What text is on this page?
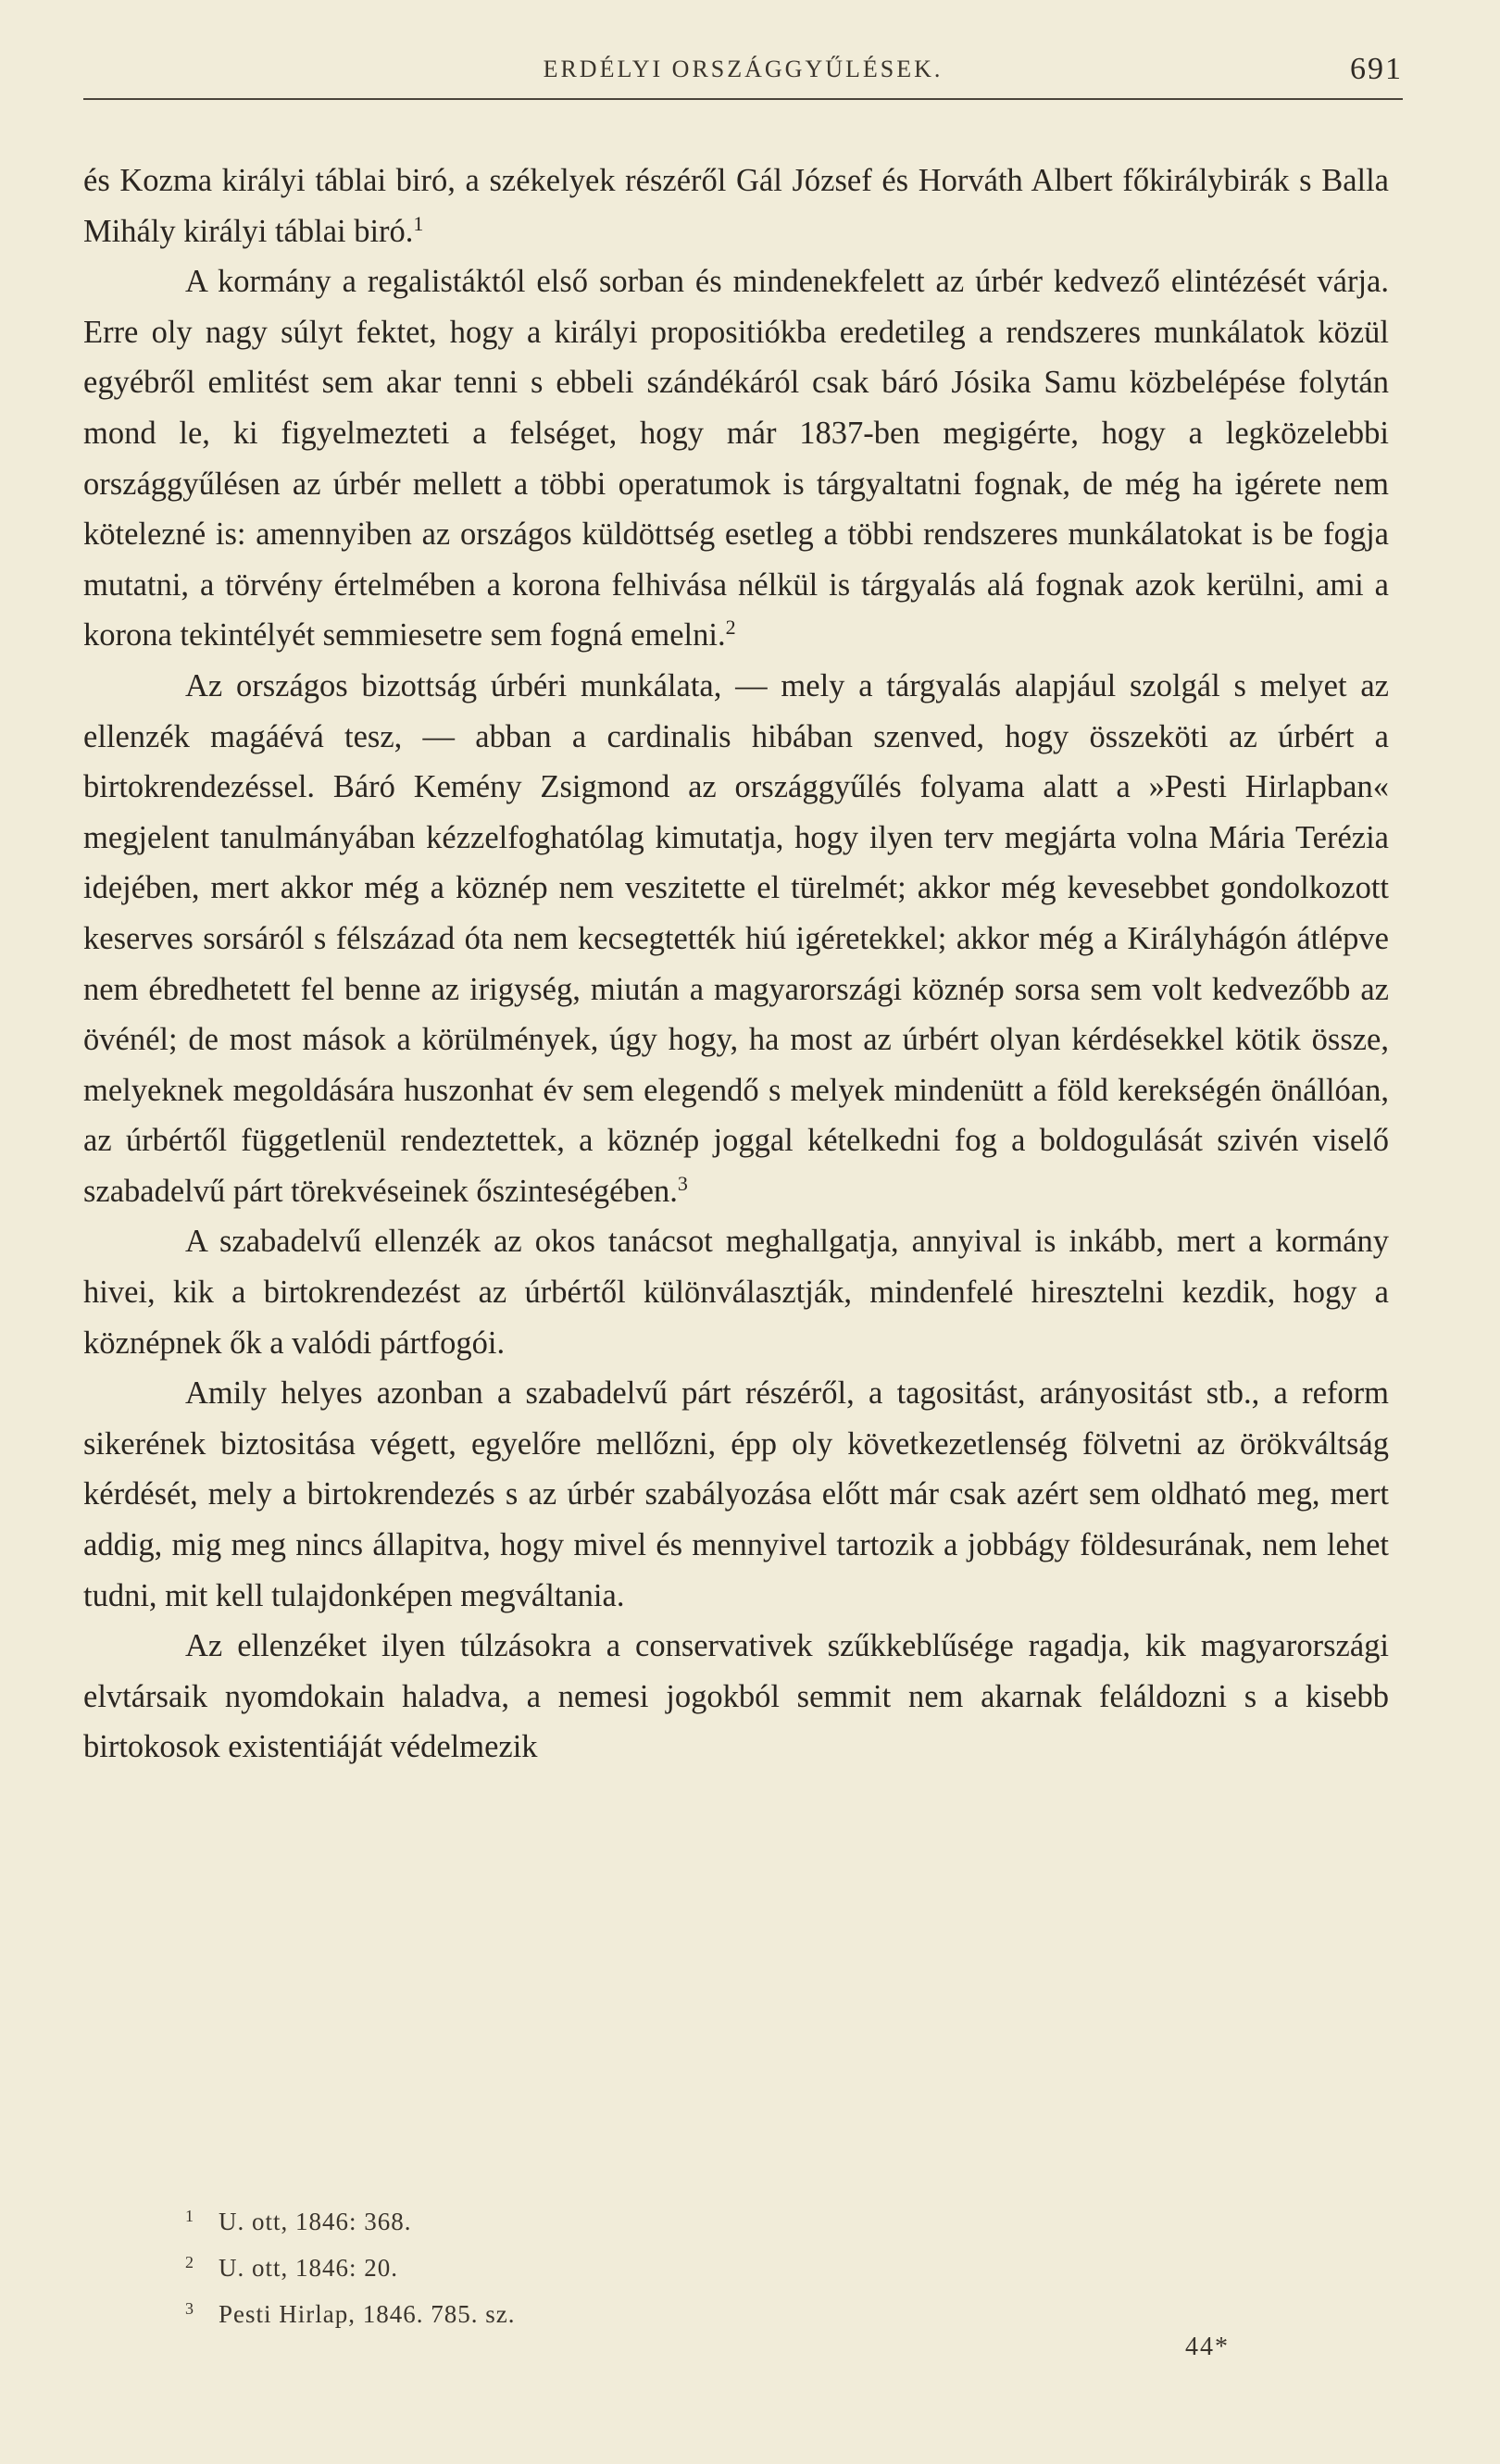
ERDÉLYI ORSZÁGGYŰLÉSEK.	691

és Kozma királyi táblai biró, a székelyek részéről Gál József és Horváth Albert főkirálybirák s Balla Mihály királyi táblai biró.$^1$

A kormány a regalistáktól első sorban és mindenekfelett az úrbér kedvező elintézését várja. Erre oly nagy súlyt fektet, hogy a királyi propositiókba eredetileg a rendszeres munkálatok közül egyébről emlitést sem akar tenni s ebbeli szándékáról csak báró Jósika Samu közbelépése folytán mond le, ki figyelmezteti a felséget, hogy már 1837-ben megigérte, hogy a legközelebbi országgyűlésen az úrbér mellett a többi operatumok is tárgyaltatni fognak, de még ha igérete nem kötelezné is: amennyiben az országos küldöttség esetleg a többi rendszeres munkálatokat is be fogja mutatni, a törvény értelmében a korona felhivása nélkül is tárgyalás alá fognak azok kerülni, ami a korona tekintélyét semmiesetre sem fogná emelni.$^2$

Az országos bizottság úrbéri munkálata, — mely a tárgyalás alapjául szolgál s melyet az ellenzék magáévá tesz, — abban a cardinalis hibában szenved, hogy összeköti az úrbért a birtokrendezéssel. Báró Kemény Zsigmond az országgyűlés folyama alatt a »Pesti Hirlapban« megjelent tanulmányában kézzelfoghatólag kimutatja, hogy ilyen terv megjárta volna Mária Terézia idejében, mert akkor még a köznép nem veszitette el türelmét; akkor még kevesebbet gondolkozott keserves sorsáról s félszázad óta nem kecsegtették hiú igéretekkel; akkor még a Királyhágón átlépve nem ébredhetett fel benne az irigység, miután a magyarországi köznép sorsa sem volt kedvezőbb az övénél; de most mások a körülmények, úgy hogy, ha most az úrbért olyan kérdésekkel kötik össze, melyeknek megoldására huszonhat év sem elegendő s melyek mindenütt a föld kerekségén önállóan, az úrbértől függetlenül rendeztettek, a köznép joggal kételkedni fog a boldogulását szivén viselő szabadelvű párt törekvéseinek őszinteségében.$^3$

A szabadelvű ellenzék az okos tanácsot meghallgatja, annyival is inkább, mert a kormány hivei, kik a birtokrendezést az úrbértől különválasztják, mindenfelé hiresztelni kezdik, hogy a köznépnek ők a valódi pártfogói.

Amily helyes azonban a szabadelvű párt részéről, a tagositást, arányositást stb., a reform sikerének biztositása végett, egyelőre mellőzni, épp oly következetlenség fölvetni az örökváltság kérdését, mely a birtokrendezés s az úrbér szabályozása előtt már csak azért sem oldható meg, mert addig, mig meg nincs állapitva, hogy mivel és mennyivel tartozik a jobbágy földesurának, nem lehet tudni, mit kell tulajdonképen megváltania.

Az ellenzéket ilyen túlzásokra a conservativek szűkkeblűsége ragadja, kik magyarországi elvtársaik nyomdokain haladva, a nemesi jogokból semmit nem akarnak feláldozni s a kisebb birtokosok existentiáját védelmezik

1 U. ott, 1846: 368.
2 U. ott, 1846: 20.
3 Pesti Hirlap, 1846. 785. sz.
44*
